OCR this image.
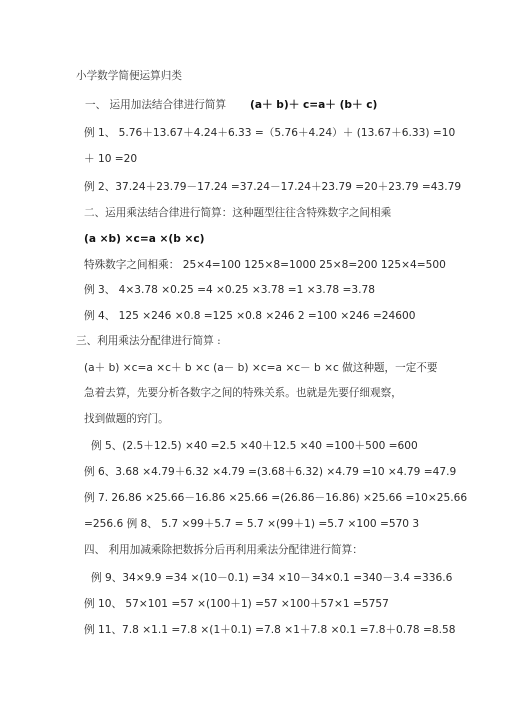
小学数学简便运算归类
一、 运用加法结合律进行简算 (a＋ b)＋ c=a＋ (b＋ c)
例 1、 5.76＋13.67＋4.24＋6.33 =（5.76＋4.24）＋ (13.67＋6.33) =10
＋ 10 =20
例 2、37.24＋23.79－17.24 =37.24－17.24＋23.79 =20＋23.79 =43.79
二、运用乘法结合律进行简算：这种题型往往含特殊数字之间相乘
(a ×b) ×c=a ×(b ×c)
特殊数字之间相乘： 25×4=100 125×8=1000 25×8=200 125×4=500
例 3、 4×3.78 ×0.25 =4 ×0.25 ×3.78 =1 ×3.78 =3.78
例 4、 125 ×246 ×0.8 =125 ×0.8 ×246 2 =100 ×246 =24600
三、利用乘法分配律进行简算 :
(a＋ b) ×c=a ×c＋ b ×c (a－ b) ×c=a ×c－ b ×c 做这种题，一定不要
急着去算，先要分析各数字之间的特殊关系。也就是先要仔细观察，
找到做题的窍门。
例 5、(2.5＋12.5) ×40 =2.5 ×40＋12.5 ×40 =100＋500 =600
例 6、3.68 ×4.79＋6.32 ×4.79 =(3.68＋6.32) ×4.79 =10 ×4.79 =47.9
例 7. 26.86 ×25.66－16.86 ×25.66 =(26.86－16.86) ×25.66 =10×25.66
=256.6 例 8、 5.7 ×99＋5.7 = 5.7 ×(99＋1) =5.7 ×100 =570 3
四、 利用加减乘除把数拆分后再利用乘法分配律进行简算：
例 9、34×9.9 =34 ×(10－0.1) =34 ×10－34×0.1 =340－3.4 =336.6
例 10、 57×101 =57 ×(100＋1) =57 ×100＋57×1 =5757
例 11、7.8 ×1.1 =7.8 ×(1＋0.1) =7.8 ×1＋7.8 ×0.1 =7.8＋0.78 =8.58
